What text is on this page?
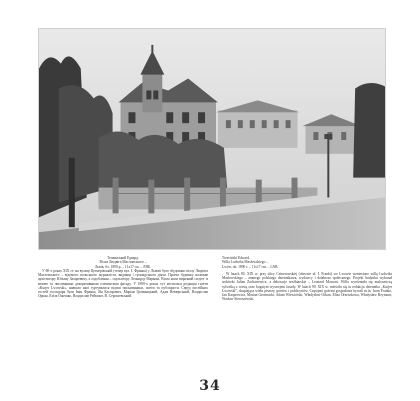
Тешинський Едвард.
Вілла Людвіга Масловського –
Львів, бл. 1890 р. – 11x17 см. – ЛНБ.

У 80-х роках XIX ст. на вулиці Цетнерівській (тепер вул. І. Франка) у Львові було збудовано віллу Людвіга Масловського – відомого польського журналіста, видавця і громадського діяча. Проект будинку належав архітектору Юліану Захаревичу, а оздоблення – скульптору Леонарду Марконі. Вілла мала виразний силует із вежею та численними декоративними елементами фасаду. У 1890-х роках тут містилася редакція газети «Kurjer Lwowski», навколо якої гуртувалися відомі письменники, поети та публіцисти. Серед постійних гостей господаря були Іван Франко, Ян Каспрович, Маріан Громницький, Адам Вевюрський, Владислав Оркан, Еліза Ожешко, Владислав Реймонт, В. Серошевський.

Trzeciński Edward.
Willa Ludwika Masłowskiego –
Lwów, ok. 1890 r. – 11x17 cm. – LNB.

W latach 80. XIX w. przy ulicy Cetnerowskiej (obecnie ul. I. Franki) we Lwowie wzniesiono willę Ludwika Masłowskiego – znanego polskiego dziennikarza, wydawcy i działacza społecznego. Projekt budynku wykonał architekt Julian Zachariewicz, a dekoracje rzeźbiarskie – Leonard Marconi. Willa wyróżniała się malowniczą sylwetką z wieżą oraz bogatym wystrojem fasady. W latach 90. XIX w. mieściła się tu redakcja dziennika „Kurjer Lwowski”, skupiająca wielu pisarzy, poetów i publicystów. Częstymi gośćmi gospodarza bywali m.in. Iwan Franko, Jan Kasprowicz, Marian Gromnicki, Adam Wiewiórski, Władysław Orkan, Eliza Orzeszkowa, Władysław Reymont, Wacław Sieroszewski.

34
